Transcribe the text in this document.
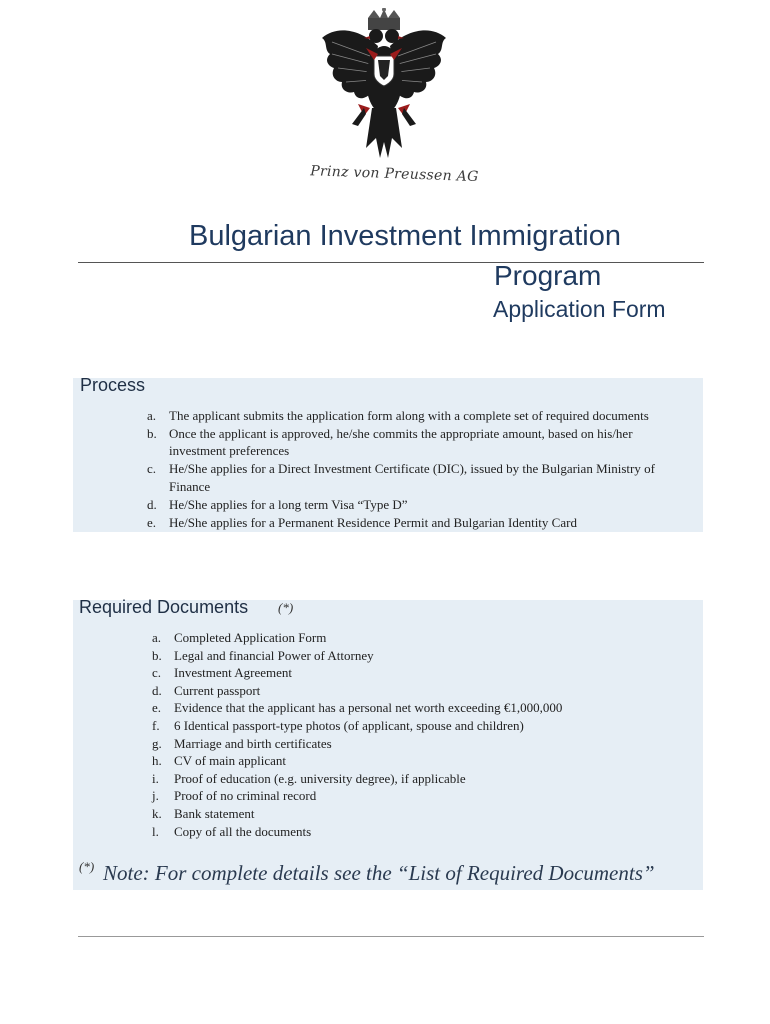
Prinz von Preussen AG
Bulgarian Investment Immigration
Program
Application Form
Process
a. The applicant submits the application form along with a complete set of required documents
b. Once the applicant is approved, he/she commits the appropriate amount, based on his/her
investment preferences
c. He/She applies for a Direct Investment Certificate (DIC), issued by the Bulgarian Ministry of
Finance
d. He/She applies for a long term Visa “Type D”
e. He/She applies for a Permanent Residence Permit and Bulgarian Identity Card
Required Documents (*)
a. Completed Application Form
b. Legal and financial Power of Attorney
c. Investment Agreement
d. Current passport
e. Evidence that the applicant has a personal net worth exceeding €1,000,000
f.	6 Identical passport-type photos (of applicant, spouse and children)
g. Marriage and birth certificates
h. CV of main applicant
i.	Proof of education (e.g. university degree), if applicable
j.	Proof of no criminal record
k. Bank statement
l.	Copy of all the documents
(*) Note: For complete details see the “List of Required Documents”
